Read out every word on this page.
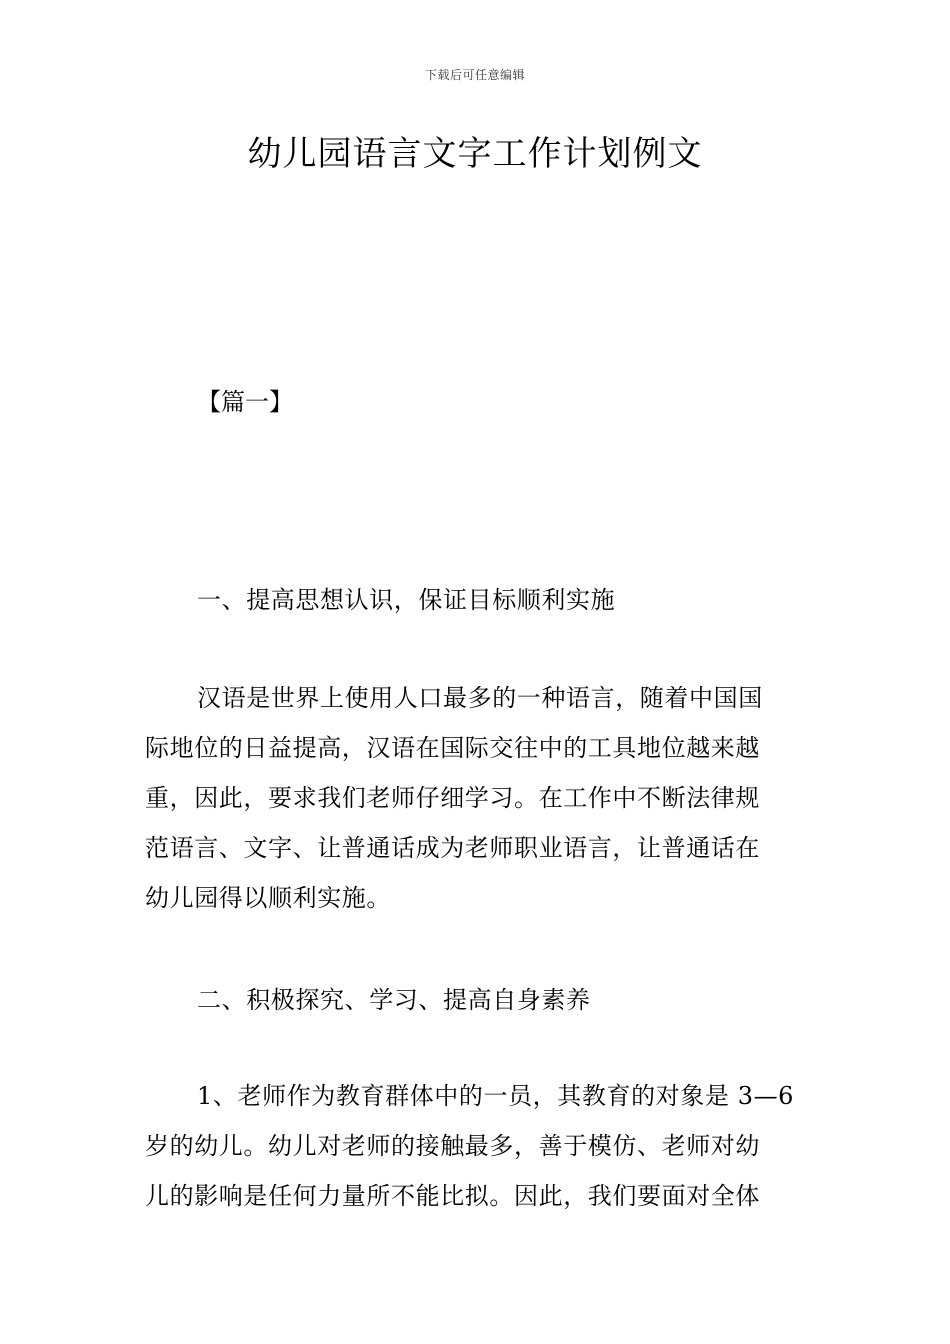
下载后可任意编辑
幼儿园语言文字工作计划例文
【篇一】
一、提高思想认识，保证目标顺利实施
汉语是世界上使用人口最多的一种语言，随着中国国
际地位的日益提高，汉语在国际交往中的工具地位越来越
重，因此，要求我们老师仔细学习。在工作中不断法律规
范语言、文字、让普通话成为老师职业语言，让普通话在
幼儿园得以顺利实施。
二、积极探究、学习、提高自身素养
1、老师作为教育群体中的一员，其教育的对象是 3—6
岁的幼儿。幼儿对老师的接触最多，善于模仿、老师对幼
儿的影响是任何力量所不能比拟。因此，我们要面对全体
